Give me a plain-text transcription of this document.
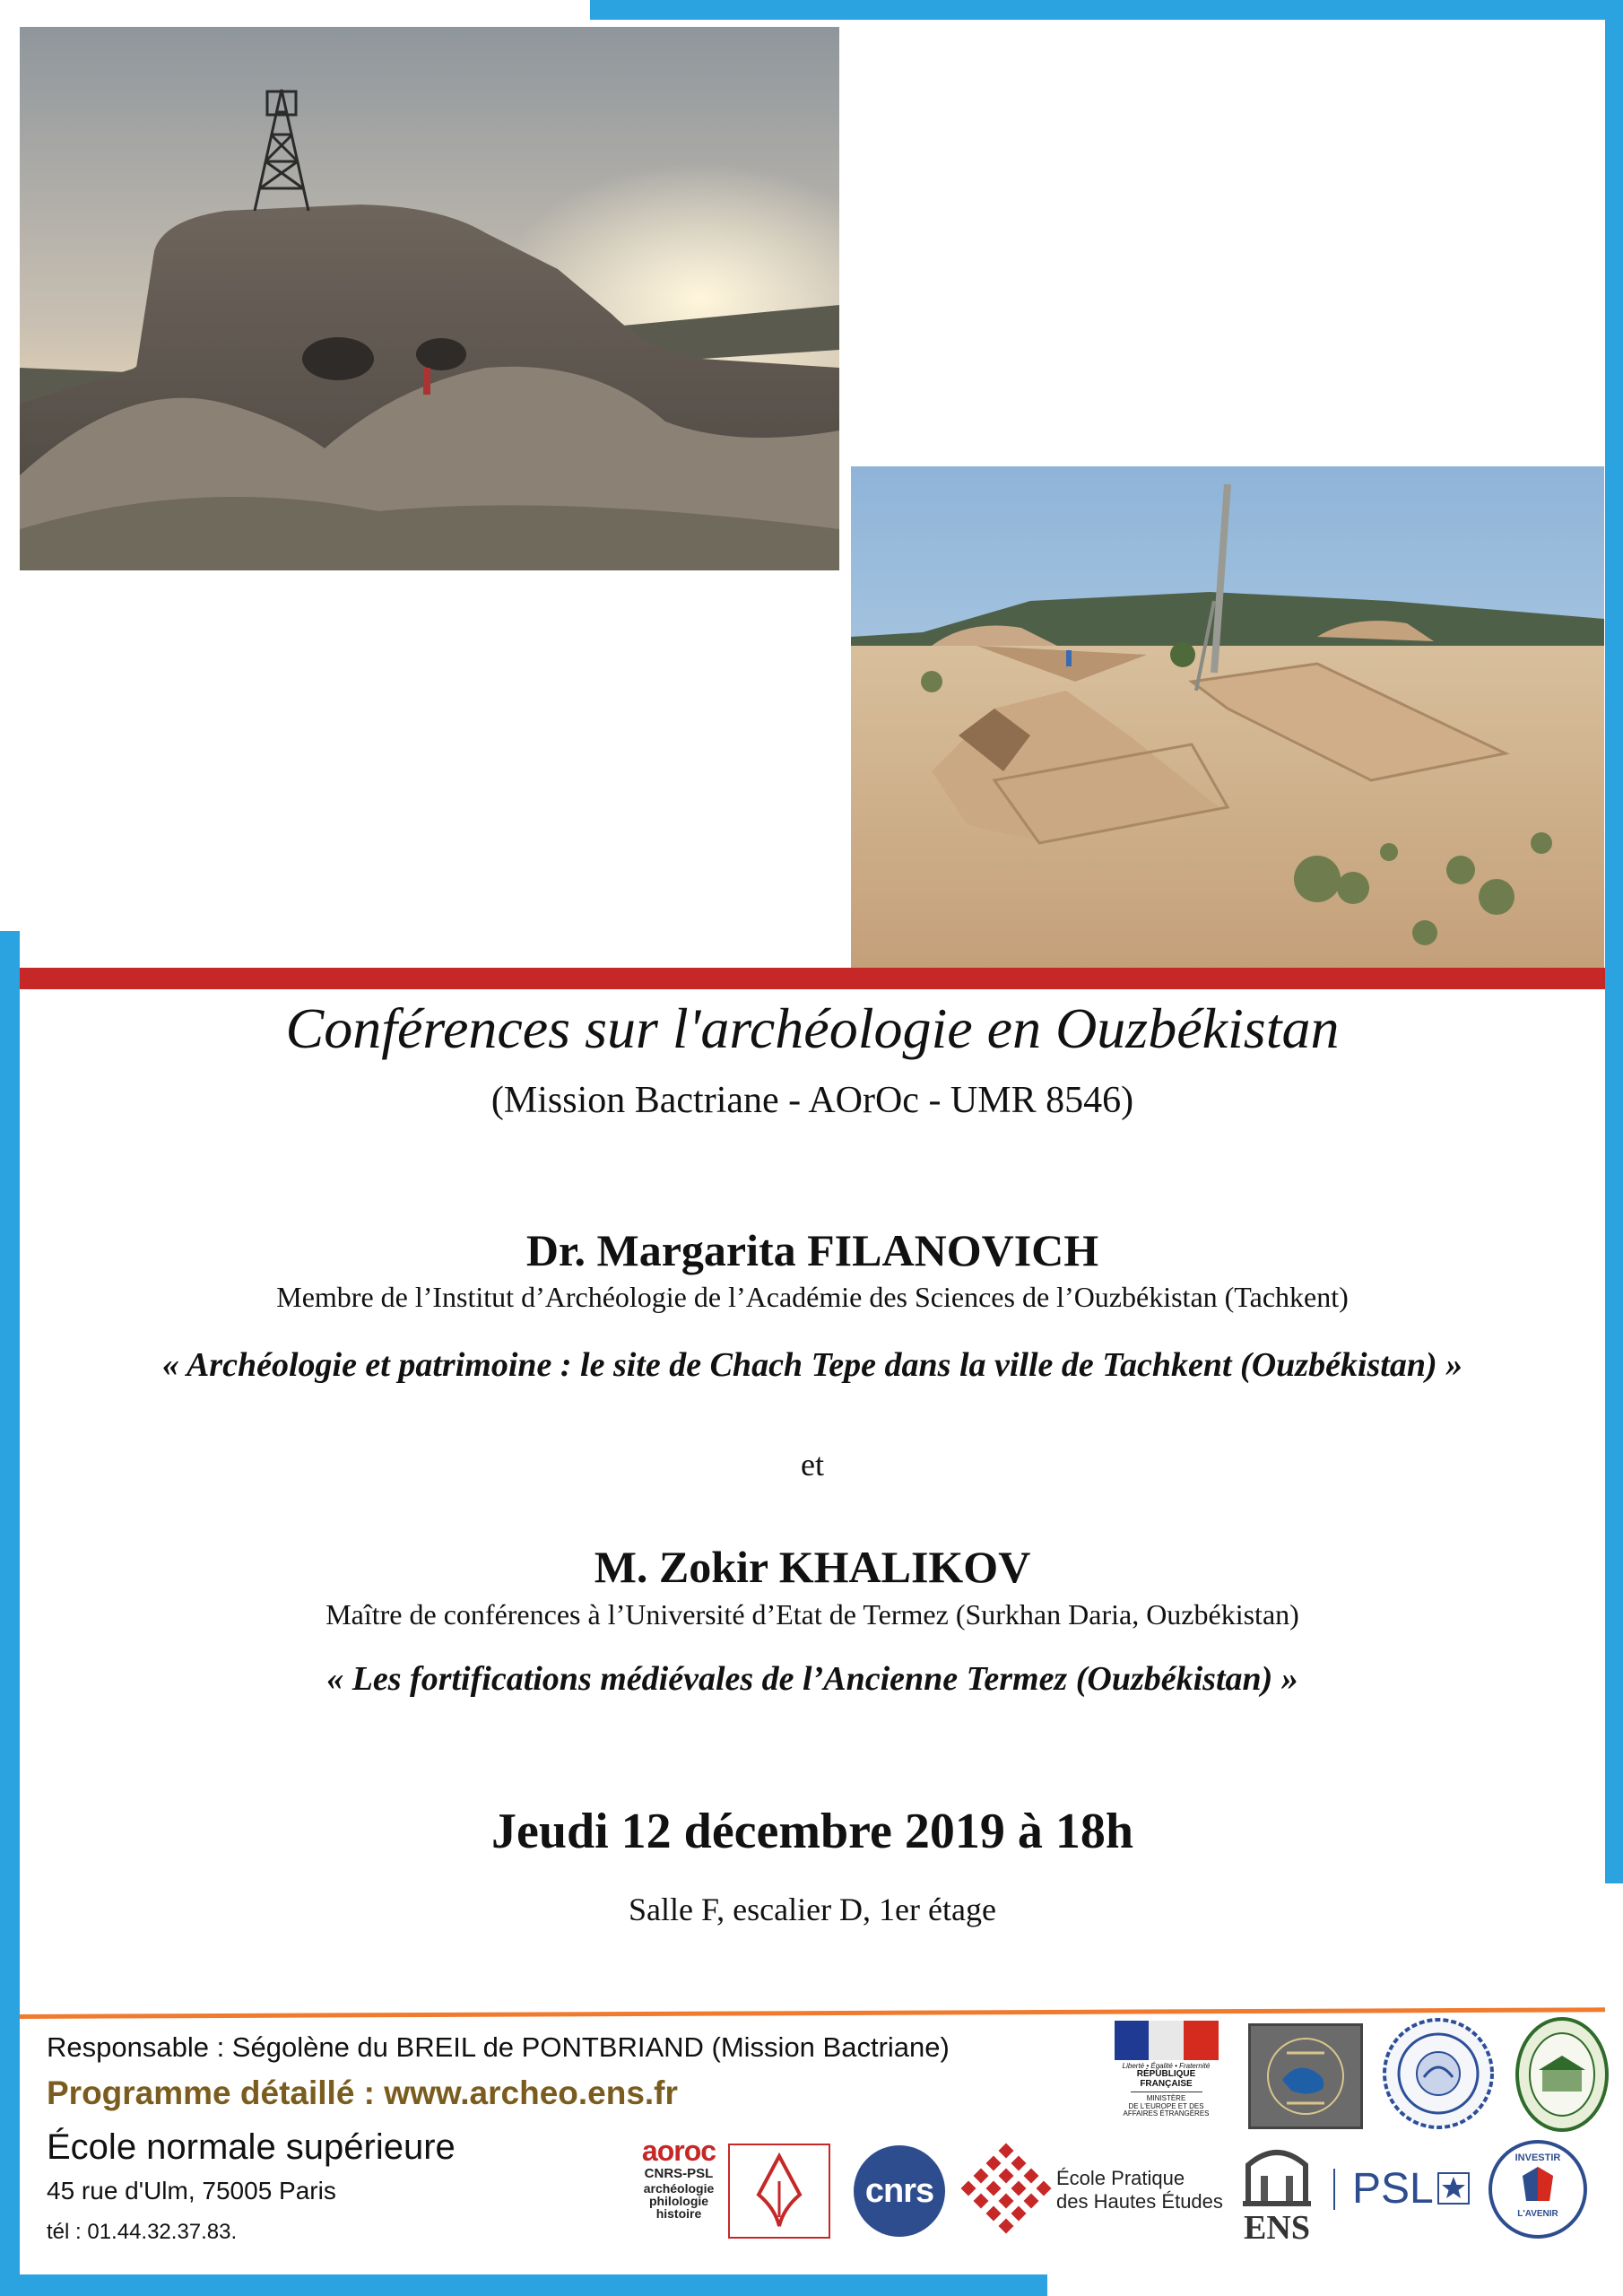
Conférences sur l'archéologie en Ouzbékistan
(Mission Bactriane - AOrOc - UMR 8546)
Dr. Margarita FILANOVICH
Membre de l’Institut d’Archéologie de l’Académie des Sciences de l’Ouzbékistan (Tachkent)
« Archéologie et patrimoine : le site de Chach Tepe dans la ville de Tachkent (Ouzbékistan) »
et
M. Zokir KHALIKOV
Maître de conférences à l’Université d’Etat de Termez (Surkhan Daria, Ouzbékistan)
« Les fortifications médiévales de l’Ancienne Termez (Ouzbékistan) »
Jeudi 12 décembre 2019 à 18h
Salle F, escalier D, 1er étage
Responsable : Ségolène du BREIL de PONTBRIAND (Mission Bactriane)
Programme détaillé : www.archeo.ens.fr
École normale supérieure
45 rue d'Ulm, 75005 Paris
tél : 01.44.32.37.83.
Liberté • Égalité • Fraternité
RÉPUBLIQUE FRANÇAISE
MINISTÈRE
DE L'EUROPE ET DES
AFFAIRES ÉTRANGÈRES
aoroc
CNRS-PSL
archéologie
philologie
histoire
cnrs	École Pratique
des Hautes Études
ENS
PSL
INVESTIR
L'AVENIR
